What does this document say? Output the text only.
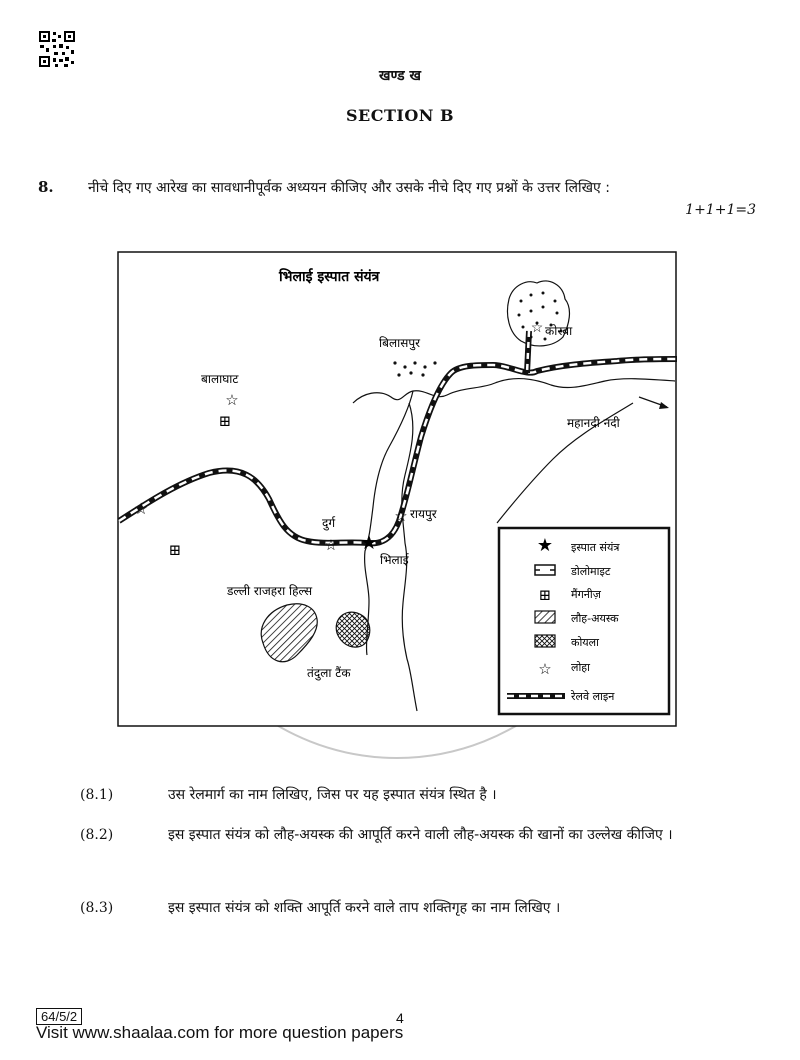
खण्ड ख
SECTION B
8. नीचे दिए गए आरेख का सावधानीपूर्वक अध्ययन कीजिए और उसके नीचे दिए गए प्रश्नों के उत्तर लिखिए :
1+1+1=3
भिलाई इस्पात संयंत्र
☆ कोरबा
बिलासपुर
बालाघाट
☆
⊞
⊞
महानदी नदी
☆
दुर्ग
☆ ★
भिलाई
☆ रायपुर
डल्ली राजहरा हिल्स
तंदुला टैंक
★ इस्पात संयंत्र
डोलोमाइट
⊞ मैंगनीज़
लौह-अयस्क
कोयला
☆ लोहा
रेलवे लाइन
(8.1)	उस रेलमार्ग का नाम लिखिए, जिस पर यह इस्पात संयंत्र स्थित है ।
(8.2)	इस इस्पात संयंत्र को लौह-अयस्क की आपूर्ति करने वाली लौह-अयस्क की खानों का उल्लेख कीजिए ।
(8.3)	इस इस्पात संयंत्र को शक्ति आपूर्ति करने वाले ताप शक्तिगृह का नाम लिखिए ।
64/5/2	4
Visit www.shaalaa.com for more question papers
